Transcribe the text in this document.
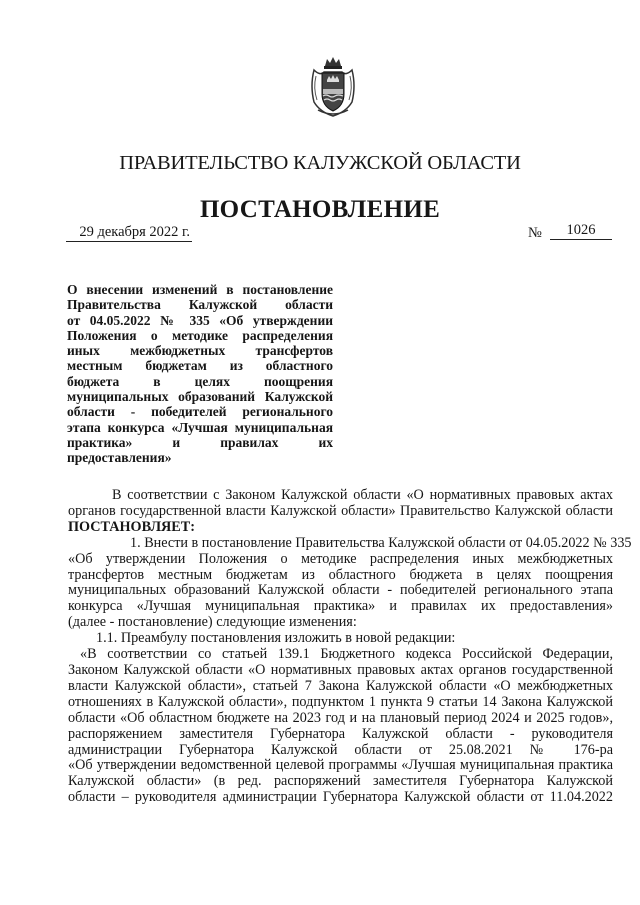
ПРАВИТЕЛЬСТВО КАЛУЖСКОЙ ОБЛАСТИ
ПОСТАНОВЛЕНИЕ
29 декабря 2022 г.	№	1026
О внесении изменений в постановление
Правительства Калужской области
от 04.05.2022 № 335 «Об утверждении
Положения о методике распределения
иных межбюджетных трансфертов
местным бюджетам из областного
бюджета в целях поощрения
муниципальных образований Калужской
области - победителей регионального
этапа конкурса «Лучшая муниципальная
практика» и правилах их
предоставления»
В соответствии с Законом Калужской области «О нормативных правовых актах
органов государственной власти Калужской области» Правительство Калужской области
ПОСТАНОВЛЯЕТ:
1. Внести в постановление Правительства Калужской области от 04.05.2022 № 335
«Об утверждении Положения о методике распределения иных межбюджетных
трансфертов местным бюджетам из областного бюджета в целях поощрения
муниципальных образований Калужской области - победителей регионального этапа
конкурса «Лучшая муниципальная практика» и правилах их предоставления»
(далее - постановление) следующие изменения:
1.1. Преамбулу постановления изложить в новой редакции:
«В соответствии со статьей 139.1 Бюджетного кодекса Российской Федерации,
Законом Калужской области «О нормативных правовых актах органов государственной
власти Калужской области», статьей 7 Закона Калужской области «О межбюджетных
отношениях в Калужской области», подпунктом 1 пункта 9 статьи 14 Закона Калужской
области «Об областном бюджете на 2023 год и на плановый период 2024 и 2025 годов»,
распоряжением заместителя Губернатора Калужской области - руководителя
администрации Губернатора Калужской области от 25.08.2021 № 176-ра
«Об утверждении ведомственной целевой программы «Лучшая муниципальная практика
Калужской области» (в ред. распоряжений заместителя Губернатора Калужской
области – руководителя администрации Губернатора Калужской области от 11.04.2022
